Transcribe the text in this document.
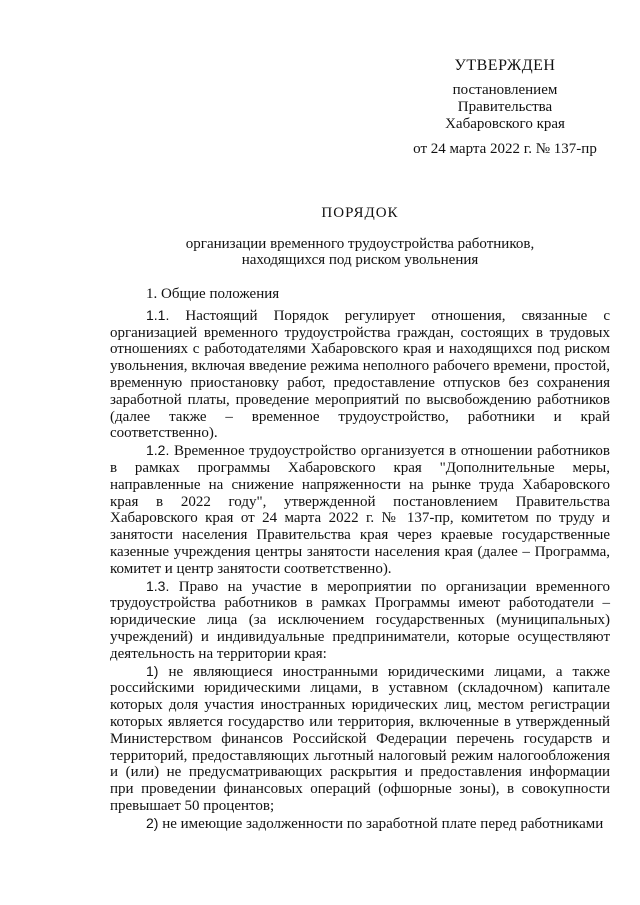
УТВЕРЖДЕН
постановлением
Правительства
Хабаровского края
от 24 марта 2022 г. № 137-пр
ПОРЯДОК
организации временного трудоустройства работников,
находящихся под риском увольнения

1. Общие положения

1.1. Настоящий Порядок регулирует отношения, связанные с организацией временного трудоустройства граждан, состоящих в трудовых отношениях с работодателями Хабаровского края и находящихся под риском увольнения, включая введение режима неполного рабочего времени, простой, временную приостановку работ, предоставление отпусков без сохранения заработной платы, проведение мероприятий по высвобождению работников (далее также – временное трудоустройство, работники и край соответственно).

1.2. Временное трудоустройство организуется в отношении работников в рамках программы Хабаровского края "Дополнительные меры, направленные на снижение напряженности на рынке труда Хабаровского края в 2022 году", утвержденной постановлением Правительства Хабаровского края от 24 марта 2022 г. № 137-пр, комитетом по труду и занятости населения Правительства края через краевые государственные казенные учреждения центры занятости населения края (далее – Программа, комитет и центр занятости соответственно).

1.3. Право на участие в мероприятии по организации временного трудоустройства работников в рамках Программы имеют работодатели – юридические лица (за исключением государственных (муниципальных) учреждений) и индивидуальные предприниматели, которые осуществляют деятельность на территории края:

1) не являющиеся иностранными юридическими лицами, а также российскими юридическими лицами, в уставном (складочном) капитале которых доля участия иностранных юридических лиц, местом регистрации которых является государство или территория, включенные в утвержденный Министерством финансов Российской Федерации перечень государств и территорий, предоставляющих льготный налоговый режим налогообложения и (или) не предусматривающих раскрытия и предоставления информации при проведении финансовых операций (офшорные зоны), в совокупности превышает 50 процентов;

2) не имеющие задолженности по заработной плате перед работниками
